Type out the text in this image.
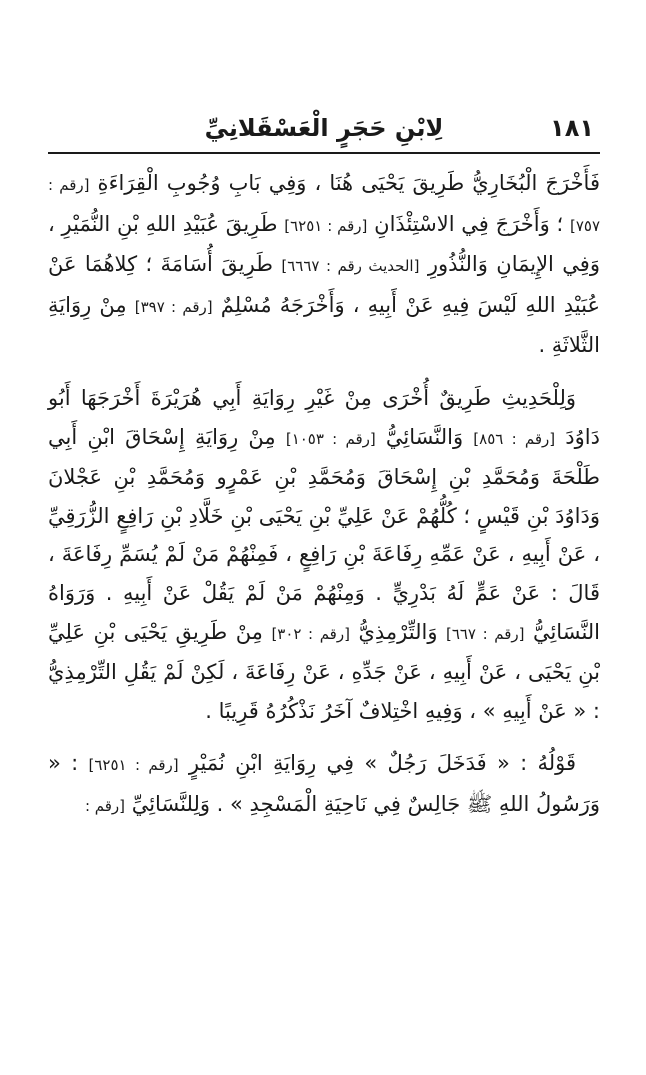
١٨١
لِابْنِ حَجَرٍ الْعَسْقَلانِيِّ

فَأَخْرَجَ الْبُخَارِيُّ طَرِيقَ يَحْيَى هُنَا ، وَفِي بَابِ وُجُوبِ الْقِرَاءَةِ [رقم : ٧٥٧] ؛ وَأَخْرَجَ فِي الاسْتِئْذَانِ [رقم : ٦٢٥١] طَرِيقَ عُبَيْدِ اللهِ بْنِ النُّمَيْرِ ، وَفِي الإِيمَانِ وَالنُّذُورِ [الحديث رقم : ٦٦٦٧] طَرِيقَ أُسَامَةَ ؛ كِلاهُمَا عَنْ عُبَيْدِ اللهِ لَيْسَ فِيهِ عَنْ أَبِيهِ ، وَأَخْرَجَهُ مُسْلِمٌ [رقم : ٣٩٧] مِنْ رِوَايَةِ الثَّلاثَةِ .

وَلِلْحَدِيثِ طَرِيقٌ أُخْرَى مِنْ غَيْرِ رِوَايَةِ أَبِي هُرَيْرَةَ أَخْرَجَهَا أَبُو دَاوُدَ [رقم : ٨٥٦] وَالنَّسَائِيُّ [رقم : ١٠٥٣] مِنْ رِوَايَةِ إِسْحَاقَ ابْنِ أَبِي طَلْحَةَ وَمُحَمَّدِ بْنِ إِسْحَاقَ وَمُحَمَّدِ بْنِ عَمْرٍو وَمُحَمَّدِ بْنِ عَجْلانَ وَدَاوُدَ بْنِ قَيْسٍ ؛ كُلُّهُمْ عَنْ عَلِيِّ بْنِ يَحْيَى بْنِ خَلَّادِ بْنِ رَافِعٍ الزُّرَقِيِّ ، عَنْ أَبِيهِ ، عَنْ عَمِّهِ رِفَاعَةَ بْنِ رَافِعٍ ، فَمِنْهُمْ مَنْ لَمْ يُسَمِّ رِفَاعَةَ ، قَالَ : عَنْ عَمٍّ لَهُ بَدْرِيٍّ . وَمِنْهُمْ مَنْ لَمْ يَقُلْ عَنْ أَبِيهِ . وَرَوَاهُ النَّسَائِيُّ [رقم : ٦٦٧] وَالتِّرْمِذِيُّ [رقم : ٣٠٢] مِنْ طَرِيقِ يَحْيَى بْنِ عَلِيِّ بْنِ يَحْيَى ، عَنْ أَبِيهِ ، عَنْ جَدِّهِ ، عَنْ رِفَاعَةَ ، لَكِنْ لَمْ يَقُلِ التِّرْمِذِيُّ : « عَنْ أَبِيهِ » ، وَفِيهِ اخْتِلافٌ آخَرُ نَذْكُرُهُ قَرِيبًا .

قَوْلُهُ : « فَدَخَلَ رَجُلٌ » فِي رِوَايَةِ ابْنِ نُمَيْرٍ [رقم : ٦٢٥١] : « وَرَسُولُ اللهِ ﷺ جَالِسٌ فِي نَاحِيَةِ الْمَسْجِدِ » . وَلِلنَّسَائِيِّ [رقم :
